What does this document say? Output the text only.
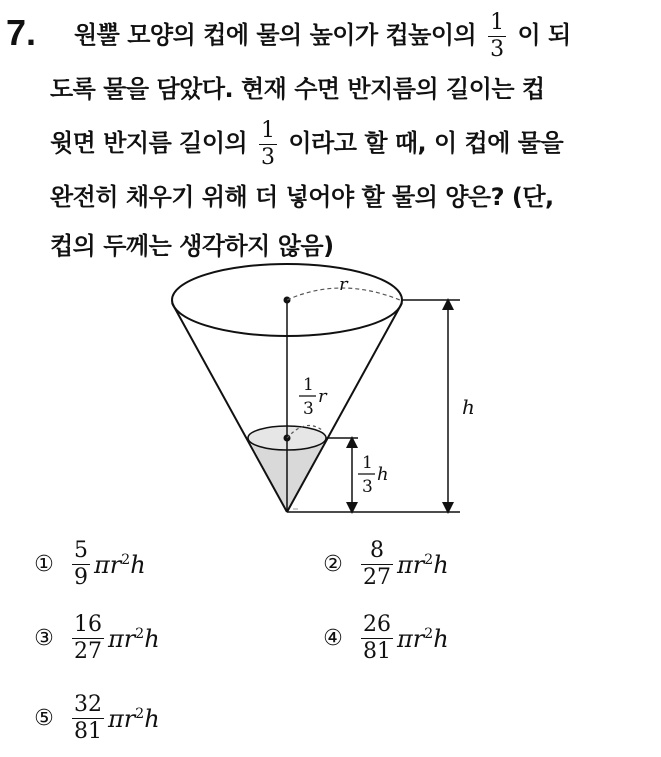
7.	원뿔 모양의 컵에 물의 높이가 컵높이의 $\frac{1}{3}$ 이 되
도록 물을 담았다. 현재 수면 반지름의 길이는 컵
윗면 반지름 길이의 $\frac{1}{3}$ 이라고 할 때, 이 컵에 물을
완전히 채우기 위해 더 넣어야 할 물의 양은? (단,
컵의 두께는 생각하지 않음)
r
h
1
3
r
1
3
h
① $\frac{5}{9} \pi r^2h$	② $\frac{8}{27} \pi r^2h$
③ $\frac{16}{27} \pi r^2h$	④ $\frac{26}{81} \pi r^2h$
⑤ $\frac{32}{81} \pi r^2h$
